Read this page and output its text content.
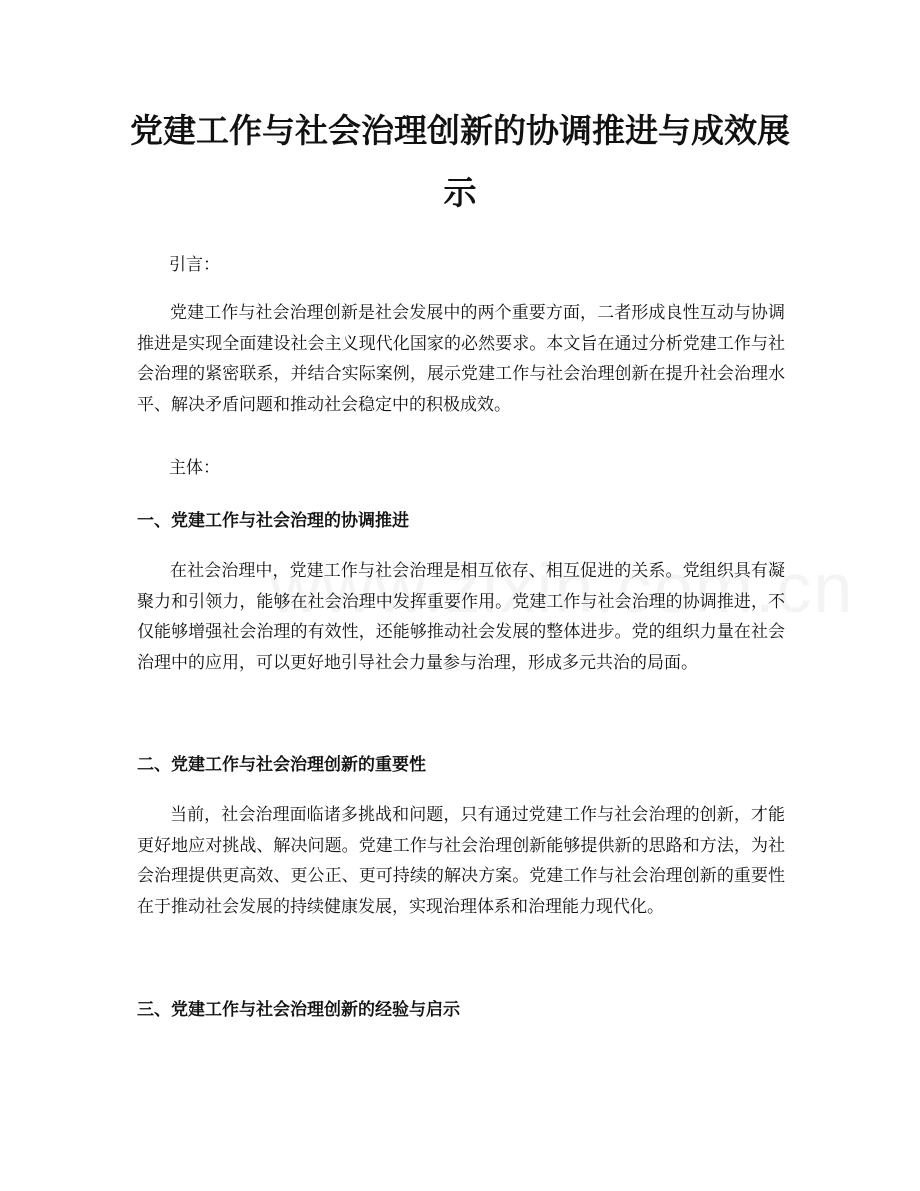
党建工作与社会治理创新的协调推进与成效展示
引言：
党建工作与社会治理创新是社会发展中的两个重要方面，二者形成良性互动与协调推进是实现全面建设社会主义现代化国家的必然要求。本文旨在通过分析党建工作与社会治理的紧密联系，并结合实际案例，展示党建工作与社会治理创新在提升社会治理水平、解决矛盾问题和推动社会稳定中的积极成效。
主体：
一、党建工作与社会治理的协调推进
在社会治理中，党建工作与社会治理是相互依存、相互促进的关系。党组织具有凝聚力和引领力，能够在社会治理中发挥重要作用。党建工作与社会治理的协调推进，不仅能够增强社会治理的有效性，还能够推动社会发展的整体进步。党的组织力量在社会治理中的应用，可以更好地引导社会力量参与治理，形成多元共治的局面。
二、党建工作与社会治理创新的重要性
当前，社会治理面临诸多挑战和问题，只有通过党建工作与社会治理的创新，才能更好地应对挑战、解决问题。党建工作与社会治理创新能够提供新的思路和方法，为社会治理提供更高效、更公正、更可持续的解决方案。党建工作与社会治理创新的重要性在于推动社会发展的持续健康发展，实现治理体系和治理能力现代化。
三、党建工作与社会治理创新的经验与启示
